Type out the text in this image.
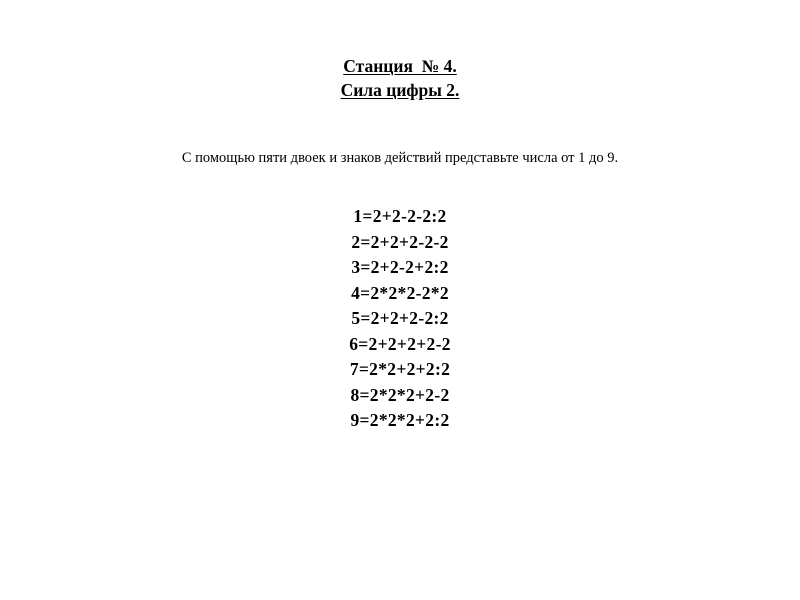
Станция  № 4.
Сила цифры 2.
С помощью пяти двоек и знаков действий представьте числа от 1 до 9.
1=2+2-2-2:2
2=2+2+2-2-2
3=2+2-2+2:2
4=2*2*2-2*2
5=2+2+2-2:2
6=2+2+2+2-2
7=2*2+2+2:2
8=2*2*2+2-2
9=2*2*2+2:2
